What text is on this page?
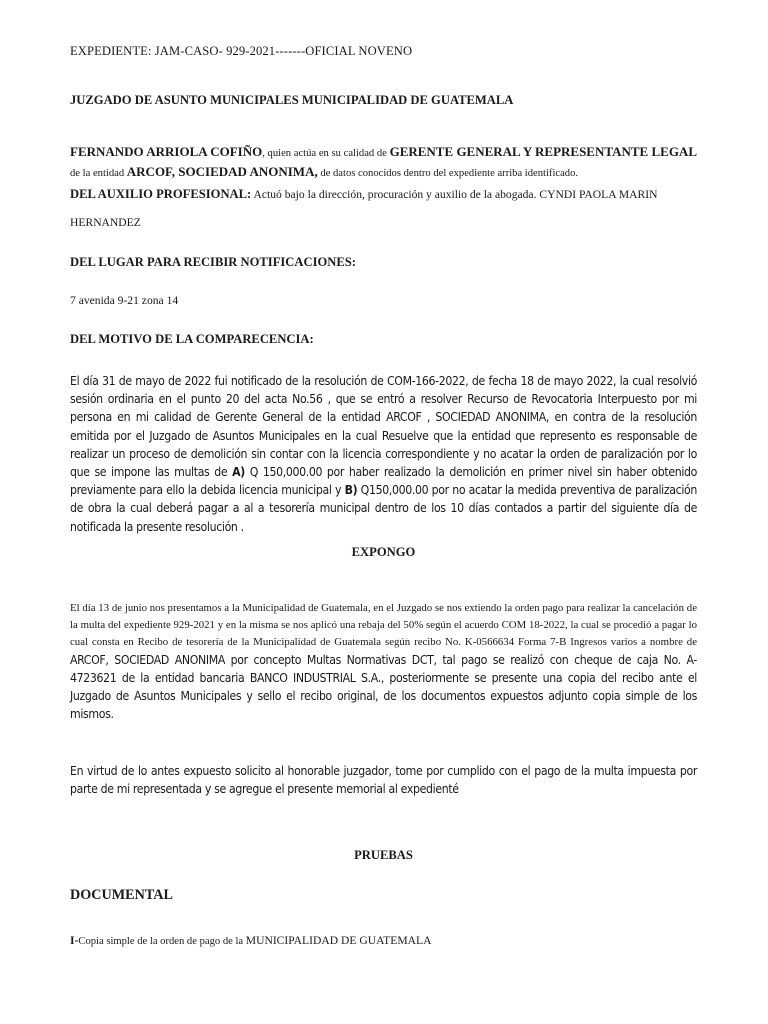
EXPEDIENTE: JAM-CASO- 929-2021-------OFICIAL NOVENO

JUZGADO DE ASUNTO MUNICIPALES MUNICIPALIDAD DE GUATEMALA

FERNANDO ARRIOLA COFIÑO, quien actúa en su calidad de GERENTE GENERAL Y REPRESENTANTE LEGAL de la entidad ARCOF, SOCIEDAD ANONIMA, de datos conocidos dentro del expediente arriba identificado.

DEL AUXILIO PROFESIONAL: Actuó bajo la dirección, procuración y auxilio de la abogada. CYNDI PAOLA MARIN

HERNANDEZ

DEL LUGAR PARA RECIBIR NOTIFICACIONES:

7 avenida 9-21 zona 14

DEL MOTIVO DE LA COMPARECENCIA:

El día 31 de mayo de 2022 fui notificado de la resolución de COM-166-2022, de fecha 18 de mayo 2022, la cual resolvió sesión ordinaria en el punto 20 del acta No.56 , que se entró a resolver Recurso de Revocatoria Interpuesto por mi persona en mi calidad de Gerente General de la entidad ARCOF , SOCIEDAD ANONIMA, en contra de la resolución emitida por el Juzgado de Asuntos Municipales en la cual Resuelve que la entidad que represento es responsable de realizar un proceso de demolición sin contar con la licencia correspondiente y no acatar la orden de paralización por lo que se impone las multas de A) Q 150,000.00 por haber realizado la demolición en primer nivel sin haber obtenido previamente para ello la debida licencia municipal y B) Q150,000.00 por no acatar la medida preventiva de paralización de obra la cual deberá pagar a al a tesorería municipal dentro de los 10 días contados a partir del siguiente día de notificada la presente resolución .

EXPONGO

El día 13 de junio nos presentamos a la Municipalidad de Guatemala, en el Juzgado se nos extiendo la orden pago para realizar la cancelación de la multa del expediente 929-2021 y en la misma se nos aplicó una rebaja del 50% según el acuerdo COM 18-2022, la cual se procedió a pagar lo cual consta en Recibo de tesorería de la Municipalidad de Guatemala según recibo No. K-0566634 Forma 7-B Ingresos varios a nombre de ARCOF, SOCIEDAD ANONIMA por concepto Multas Normativas DCT, tal pago se realizó con cheque de caja No. A-4723621 de la entidad bancaria BANCO INDUSTRIAL S.A., posteriormente se presente una copia del recibo ante el Juzgado de Asuntos Municipales y sello el recibo original, de los documentos expuestos adjunto copia simple de los mismos.

En virtud de lo antes expuesto solicito al honorable juzgador, tome por cumplido con el pago de la multa impuesta por parte de mi representada y se agregue el presente memorial al expedienté

PRUEBAS

DOCUMENTAL

I-Copia simple de la orden de pago de la MUNICIPALIDAD DE GUATEMALA
